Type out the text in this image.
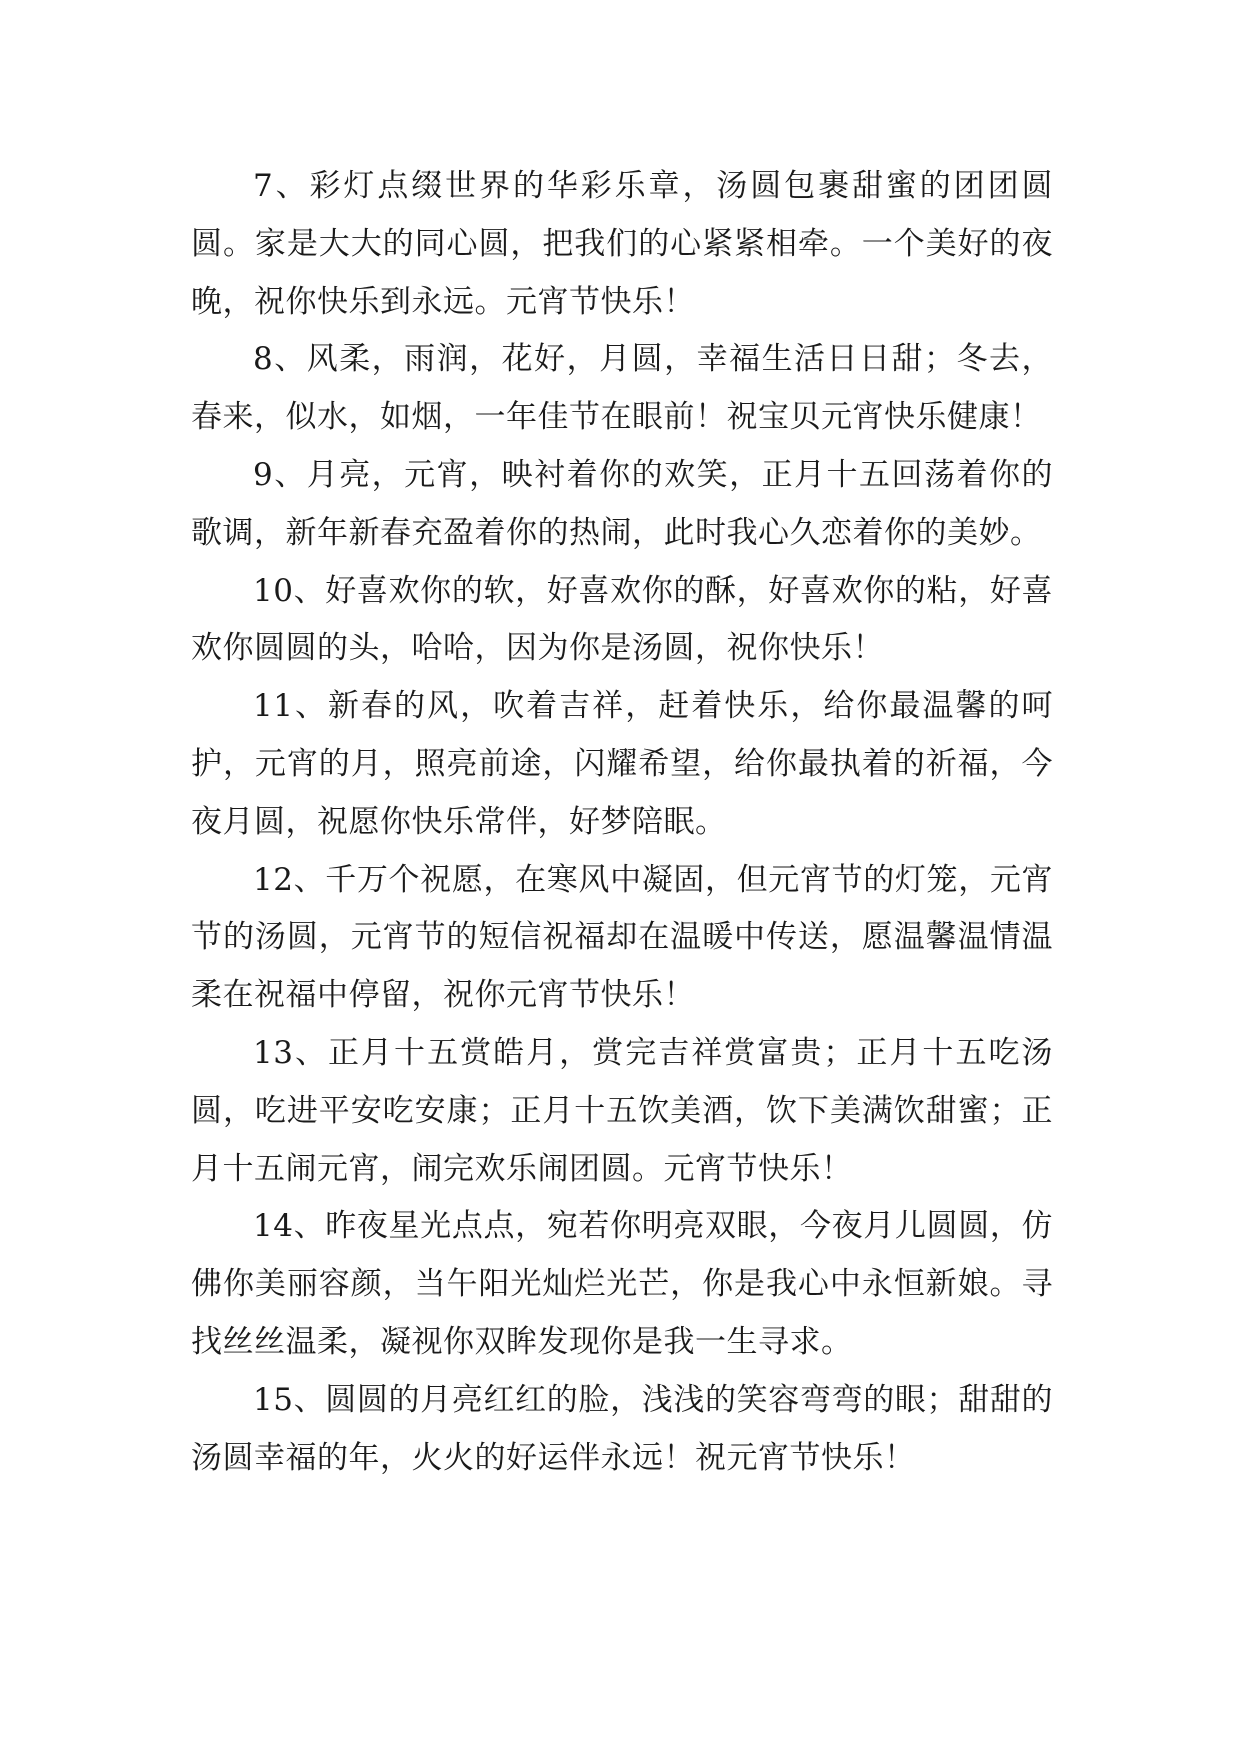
7、彩灯点缀世界的华彩乐章，汤圆包裹甜蜜的团团圆圆。家是大大的同心圆，把我们的心紧紧相牵。一个美好的夜晚，祝你快乐到永远。元宵节快乐！

8、风柔，雨润，花好，月圆，幸福生活日日甜；冬去，春来，似水，如烟，一年佳节在眼前！祝宝贝元宵快乐健康！

9、月亮，元宵，映衬着你的欢笑，正月十五回荡着你的歌调，新年新春充盈着你的热闹，此时我心久恋着你的美妙。

10、好喜欢你的软，好喜欢你的酥，好喜欢你的粘，好喜欢你圆圆的头，哈哈，因为你是汤圆，祝你快乐！

11、新春的风，吹着吉祥，赶着快乐，给你最温馨的呵护，元宵的月，照亮前途，闪耀希望，给你最执着的祈福，今夜月圆，祝愿你快乐常伴，好梦陪眠。

12、千万个祝愿，在寒风中凝固，但元宵节的灯笼，元宵节的汤圆，元宵节的短信祝福却在温暖中传送，愿温馨温情温柔在祝福中停留，祝你元宵节快乐！

13、正月十五赏皓月，赏完吉祥赏富贵；正月十五吃汤圆，吃进平安吃安康；正月十五饮美酒，饮下美满饮甜蜜；正月十五闹元宵，闹完欢乐闹团圆。元宵节快乐！

14、昨夜星光点点，宛若你明亮双眼，今夜月儿圆圆，仿佛你美丽容颜，当午阳光灿烂光芒，你是我心中永恒新娘。寻找丝丝温柔，凝视你双眸发现你是我一生寻求。

15、圆圆的月亮红红的脸，浅浅的笑容弯弯的眼；甜甜的汤圆幸福的年，火火的好运伴永远！祝元宵节快乐！
